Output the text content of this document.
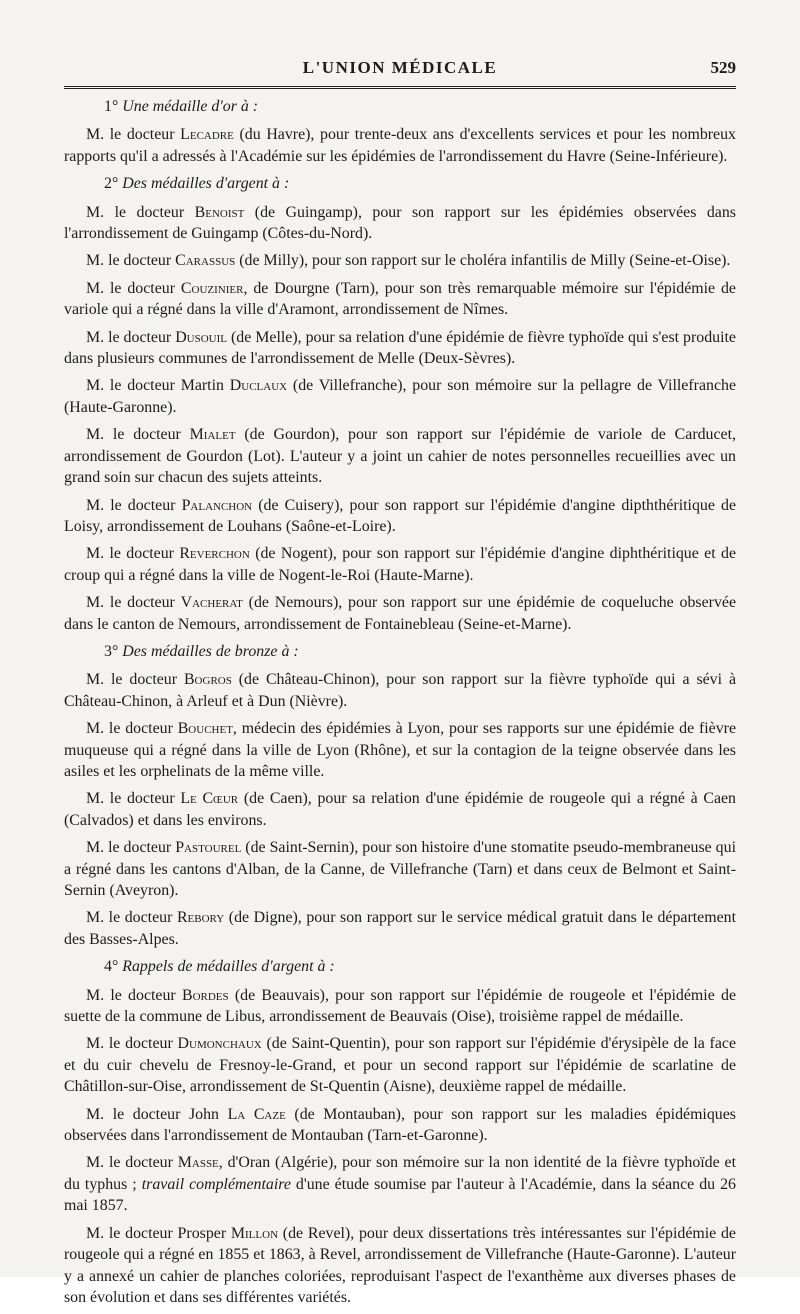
L'UNION MÉDICALE	529
1° Une médaille d'or à :

M. le docteur Lecadre (du Havre), pour trente-deux ans d'excellents services et pour les nombreux rapports qu'il a adressés à l'Académie sur les épidémies de l'arrondissement du Havre (Seine-Inférieure).

2° Des médailles d'argent à :

M. le docteur Benoist (de Guingamp), pour son rapport sur les épidémies observées dans l'arrondissement de Guingamp (Côtes-du-Nord).

M. le docteur Carassus (de Milly), pour son rapport sur le choléra infantilis de Milly (Seine-et-Oise).

M. le docteur Couzinier, de Dourgne (Tarn), pour son très remarquable mémoire sur l'épidémie de variole qui a régné dans la ville d'Aramont, arrondissement de Nîmes.

M. le docteur Dusouil (de Melle), pour sa relation d'une épidémie de fièvre typhoïde qui s'est produite dans plusieurs communes de l'arrondissement de Melle (Deux-Sèvres).

M. le docteur Martin Duclaux (de Villefranche), pour son mémoire sur la pellagre de Villefranche (Haute-Garonne).

M. le docteur Mialet (de Gourdon), pour son rapport sur l'épidémie de variole de Carducet, arrondissement de Gourdon (Lot). L'auteur y a joint un cahier de notes personnelles recueillies avec un grand soin sur chacun des sujets atteints.

M. le docteur Palanchon (de Cuisery), pour son rapport sur l'épidémie d'angine dipththéritique de Loisy, arrondissement de Louhans (Saône-et-Loire).

M. le docteur Reverchon (de Nogent), pour son rapport sur l'épidémie d'angine diphthéritique et de croup qui a régné dans la ville de Nogent-le-Roi (Haute-Marne).

M. le docteur Vacherat (de Nemours), pour son rapport sur une épidémie de coqueluche observée dans le canton de Nemours, arrondissement de Fontainebleau (Seine-et-Marne).

3° Des médailles de bronze à :

M. le docteur Bogros (de Château-Chinon), pour son rapport sur la fièvre typhoïde qui a sévi à Château-Chinon, à Arleuf et à Dun (Nièvre).

M. le docteur Bouchet, médecin des épidémies à Lyon, pour ses rapports sur une épidémie de fièvre muqueuse qui a régné dans la ville de Lyon (Rhône), et sur la contagion de la teigne observée dans les asiles et les orphelinats de la même ville.

M. le docteur Le Cœur (de Caen), pour sa relation d'une épidémie de rougeole qui a régné à Caen (Calvados) et dans les environs.

M. le docteur Pastourel (de Saint-Sernin), pour son histoire d'une stomatite pseudo-membraneuse qui a régné dans les cantons d'Alban, de la Canne, de Villefranche (Tarn) et dans ceux de Belmont et Saint-Sernin (Aveyron).

M. le docteur Rebory (de Digne), pour son rapport sur le service médical gratuit dans le département des Basses-Alpes.

4° Rappels de médailles d'argent à :

M. le docteur Bordes (de Beauvais), pour son rapport sur l'épidémie de rougeole et l'épidémie de suette de la commune de Libus, arrondissement de Beauvais (Oise), troisième rappel de médaille.

M. le docteur Dumonchaux (de Saint-Quentin), pour son rapport sur l'épidémie d'érysipèle de la face et du cuir chevelu de Fresnoy-le-Grand, et pour un second rapport sur l'épidémie de scarlatine de Châtillon-sur-Oise, arrondissement de St-Quentin (Aisne), deuxième rappel de médaille.

M. le docteur John La Caze (de Montauban), pour son rapport sur les maladies épidémiques observées dans l'arrondissement de Montauban (Tarn-et-Garonne).

M. le docteur Masse, d'Oran (Algérie), pour son mémoire sur la non identité de la fièvre typhoïde et du typhus ; travail complémentaire d'une étude soumise par l'auteur à l'Académie, dans la séance du 26 mai 1857.

M. le docteur Prosper Millon (de Revel), pour deux dissertations très intéressantes sur l'épidémie de rougeole qui a régné en 1855 et 1863, à Revel, arrondissement de Villefranche (Haute-Garonne). L'auteur y a annexé un cahier de planches coloriées, reproduisant l'aspect de l'exanthème aux diverses phases de son évolution et dans ses différentes variétés.
